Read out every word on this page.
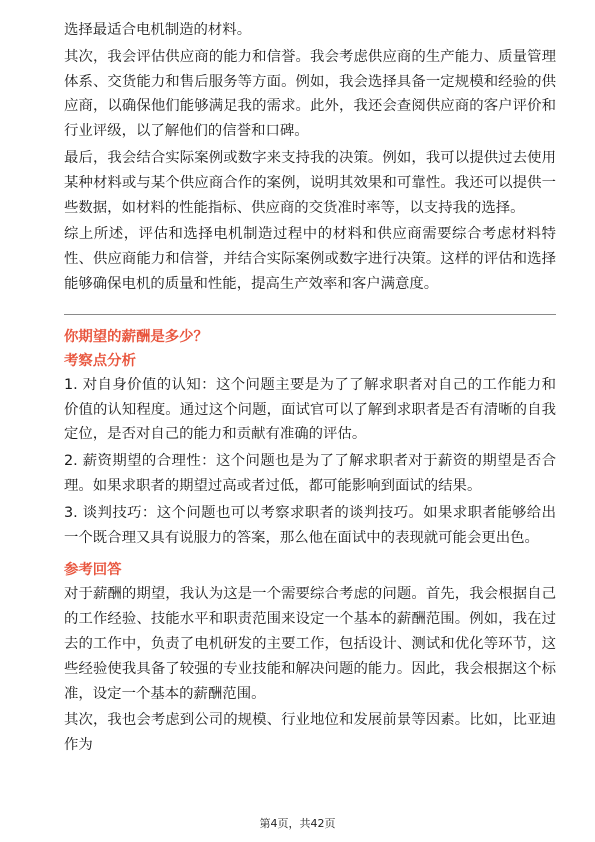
选择最适合电机制造的材料。

其次，我会评估供应商的能力和信誉。我会考虑供应商的生产能力、质量管理体系、交货能力和售后服务等方面。例如，我会选择具备一定规模和经验的供应商，以确保他们能够满足我的需求。此外，我还会查阅供应商的客户评价和行业评级，以了解他们的信誉和口碑。

最后，我会结合实际案例或数字来支持我的决策。例如，我可以提供过去使用某种材料或与某个供应商合作的案例，说明其效果和可靠性。我还可以提供一些数据，如材料的性能指标、供应商的交货准时率等，以支持我的选择。

综上所述，评估和选择电机制造过程中的材料和供应商需要综合考虑材料特性、供应商能力和信誉，并结合实际案例或数字进行决策。这样的评估和选择能够确保电机的质量和性能，提高生产效率和客户满意度。

你期望的薪酬是多少？

考察点分析

1. 对自身价值的认知：这个问题主要是为了了解求职者对自己的工作能力和价值的认知程度。通过这个问题，面试官可以了解到求职者是否有清晰的自我定位，是否对自己的能力和贡献有准确的评估。

2. 薪资期望的合理性：这个问题也是为了了解求职者对于薪资的期望是否合理。如果求职者的期望过高或者过低，都可能影响到面试的结果。

3. 谈判技巧：这个问题也可以考察求职者的谈判技巧。如果求职者能够给出一个既合理又具有说服力的答案，那么他在面试中的表现就可能会更出色。

参考回答

对于薪酬的期望，我认为这是一个需要综合考虑的问题。首先，我会根据自己的工作经验、技能水平和职责范围来设定一个基本的薪酬范围。例如，我在过去的工作中，负责了电机研发的主要工作，包括设计、测试和优化等环节，这些经验使我具备了较强的专业技能和解决问题的能力。因此，我会根据这个标准，设定一个基本的薪酬范围。

其次，我也会考虑到公司的规模、行业地位和发展前景等因素。比如，比亚迪作为

第4页，共42页
